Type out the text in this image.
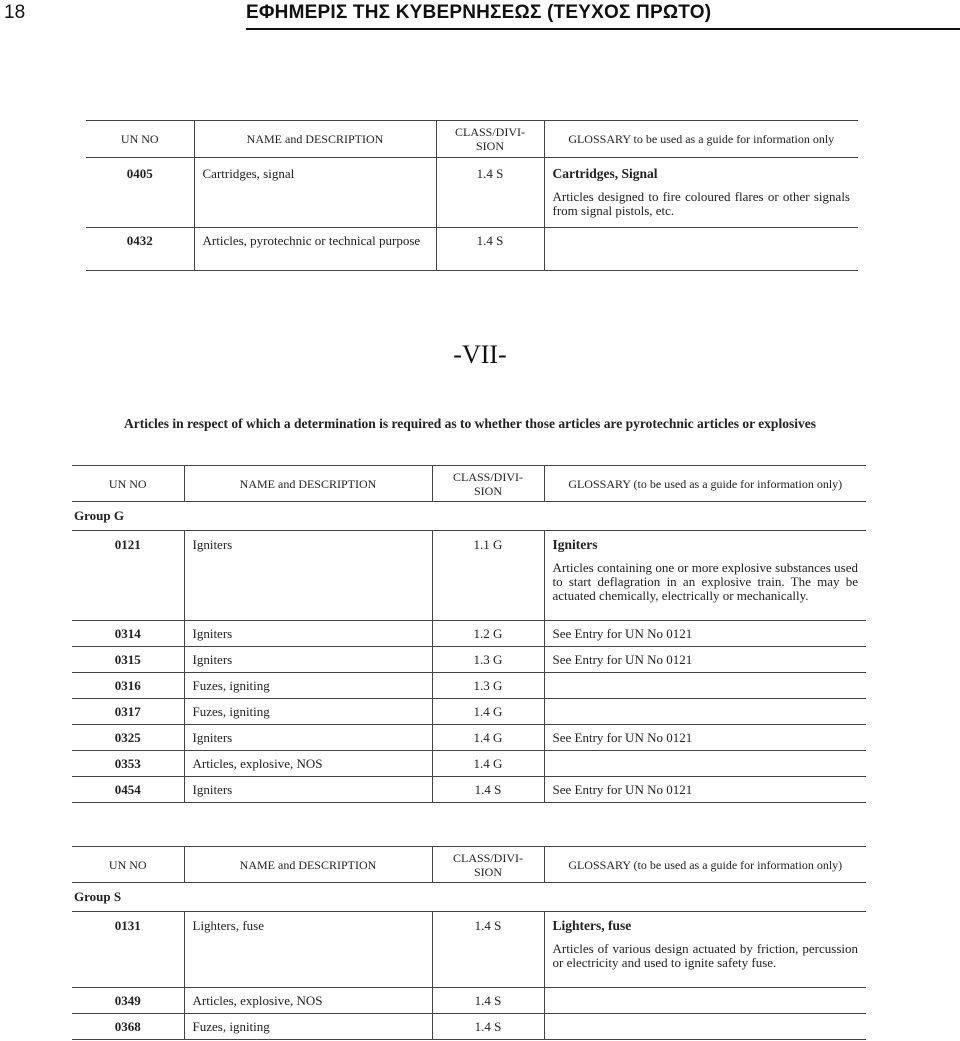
18	ΕΦΗΜΕΡΙΣ ΤΗΣ ΚΥΒΕΡΝΗΣΕΩΣ (ΤΕΥΧΟΣ ΠΡΩΤΟ)
UN NO	NAME and DESCRIPTION	CLASS/DIVI-SION	GLOSSARY to be used as a guide for information only
0405	Cartridges, signal	1.4 S	Cartridges, Signal
Articles designed to fire coloured flares or other signals from signal pistols, etc.

0432	Articles, pyrotechnic or technical purpose	1.4 S	
-VII-
Articles in respect of which a determination is required as to whether those articles are pyrotechnic articles or explosives
UN NO	NAME and DESCRIPTION	CLASS/DIVI-SION	GLOSSARY (to be used as a guide for information only)
Group G			
0121	Igniters	1.1 G	Igniters
Articles containing one or more explosive substances used to start deflagration in an explosive train. The may be actuated chemically, electrically or mechanically.

0314	Igniters	1.2 G	See Entry for UN No 0121
0315	Igniters	1.3 G	See Entry for UN No 0121
0316	Fuzes, igniting	1.3 G	
0317	Fuzes, igniting	1.4 G	
0325	Igniters	1.4 G	See Entry for UN No 0121
0353	Articles, explosive, NOS	1.4 G	
0454	Igniters	1.4 S	See Entry for UN No 0121
UN NO	NAME and DESCRIPTION	CLASS/DIVI-SION	GLOSSARY (to be used as a guide for information only)
Group S			
0131	Lighters, fuse	1.4 S	Lighters, fuse
Articles of various design actuated by friction, percussion or electricity and used to ignite safety fuse.

0349	Articles, explosive, NOS	1.4 S	
0368	Fuzes, igniting	1.4 S	
